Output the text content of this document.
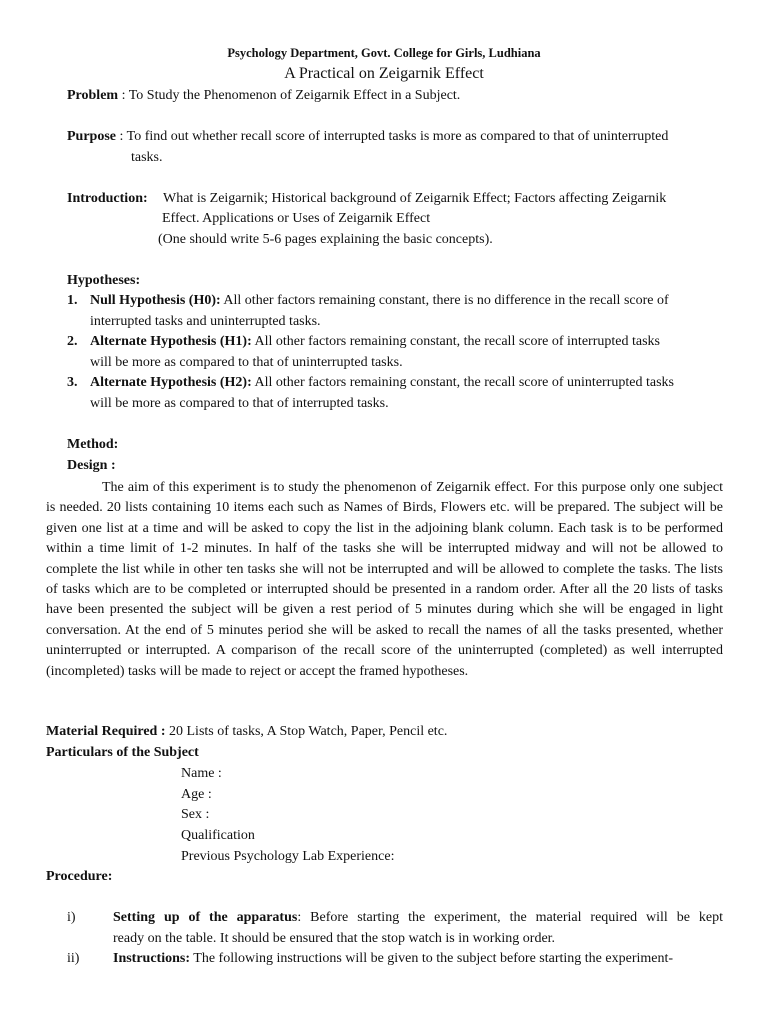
Psychology Department, Govt. College for Girls, Ludhiana
A Practical on Zeigarnik Effect
Problem : To Study the Phenomenon of Zeigarnik Effect in a Subject.
Purpose : To find out whether recall score of interrupted tasks is more as compared to that of uninterrupted
tasks.
Introduction: What is Zeigarnik; Historical background of Zeigarnik Effect; Factors affecting Zeigarnik
Effect. Applications or Uses of Zeigarnik Effect
(One should write 5-6 pages explaining the basic concepts).
Hypotheses:
1. Null Hypothesis (H0): All other factors remaining constant, there is no difference in the recall score of
interrupted tasks and uninterrupted tasks.
2. Alternate Hypothesis (H1): All other factors remaining constant, the recall score of interrupted tasks
will be more as compared to that of uninterrupted tasks.
3. Alternate Hypothesis (H2): All other factors remaining constant, the recall score of uninterrupted tasks
will be more as compared to that of interrupted tasks.
Method:
Design :
The aim of this experiment is to study the phenomenon of Zeigarnik effect. For this purpose only one subject is needed. 20 lists containing 10 items each such as Names of Birds, Flowers etc. will be prepared. The subject will be given one list at a time and will be asked to copy the list in the adjoining blank column. Each task is to be performed within a time limit of 1-2 minutes. In half of the tasks she will be interrupted midway and will not be allowed to complete the list while in other ten tasks she will not be interrupted and will be allowed to complete the tasks. The lists of tasks which are to be completed or interrupted should be presented in a random order. After all the 20 lists of tasks have been presented the subject will be given a rest period of 5 minutes during which she will be engaged in light conversation. At the end of 5 minutes period she will be asked to recall the names of all the tasks presented, whether uninterrupted or interrupted. A comparison of the recall score of the uninterrupted (completed) as well interrupted (incompleted) tasks will be made to reject or accept the framed hypotheses.
Material Required : 20 Lists of tasks, A Stop Watch, Paper, Pencil etc.
Particulars of the Subject
Name :
Age :
Sex :
Qualification
Previous Psychology Lab Experience:
Procedure:
i)	Setting up of the apparatus: Before starting the experiment, the material required will be kept
ready on the table. It should be ensured that the stop watch is in working order.
ii) Instructions: The following instructions will be given to the subject before starting the experiment-
